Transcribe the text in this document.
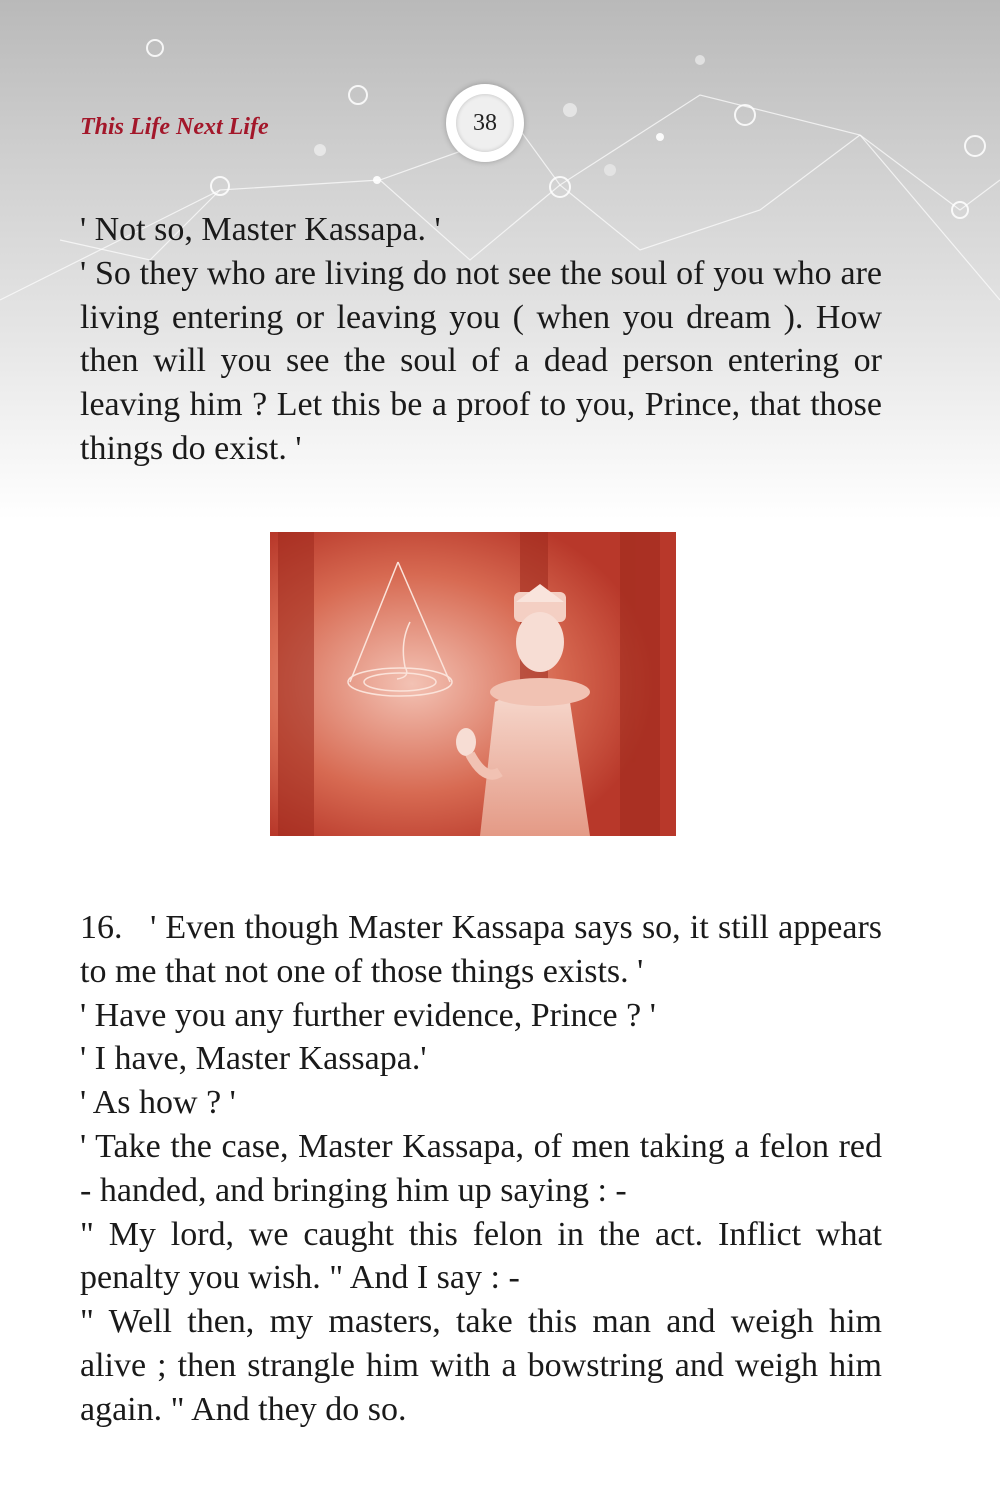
This Life Next Life	38

' Not so, Master Kassapa. '

' So they who are living do not see the soul of you who are living entering or leaving you ( when you dream ). How then will you see the soul of a dead person entering or leaving him ? Let this be a proof to you, Prince, that those things do exist. '

16.   ' Even though Master Kassapa says so, it still appears to me that not one of those things exists. '

' Have you any further evidence, Prince ? '

' I have, Master Kassapa.'

' As how ? '

' Take the case, Master Kassapa, of men taking a felon red - handed, and bringing him up saying : -

" My lord, we caught this felon in the act. Inflict what penalty you wish. " And I say : -

" Well then, my masters, take this man and weigh him alive ; then strangle him with a bowstring and weigh him again. " And they do so.
